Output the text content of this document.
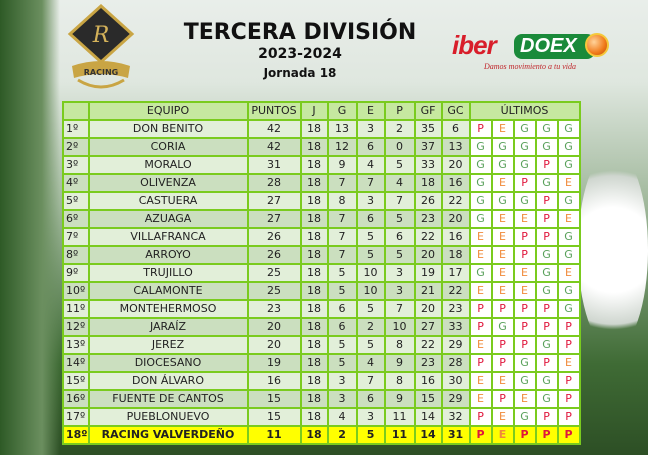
R
RACING
TERCERA DIVISIÓN
2023-2024
Jornada 18
iber	DOEX
Damos movimiento a tu vida
	EQUIPO	PUNTOS	J	G	E	P	GF	GC	ÚLTIMOS				
1º	DON BENITO	42	18	13	3	2	35	6	P	E	G	G	G
2º	CORIA	42	18	12	6	0	37	13	G	G	G	G	G
3º	MORALO	31	18	9	4	5	33	20	G	G	G	P	G
4º	OLIVENZA	28	18	7	7	4	18	16	G	E	P	G	E
5º	CASTUERA	27	18	8	3	7	26	22	G	G	G	P	G
6º	AZUAGA	27	18	7	6	5	23	20	G	E	E	P	E
7º	VILLAFRANCA	26	18	7	5	6	22	16	E	E	P	P	G
8º	ARROYO	26	18	7	5	5	20	18	E	E	P	G	G
9º	TRUJILLO	25	18	5	10	3	19	17	G	E	E	G	E
10º	CALAMONTE	25	18	5	10	3	21	22	E	E	E	G	G
11º	MONTEHERMOSO	23	18	6	5	7	20	23	P	P	P	P	G
12º	JARAÍZ	20	18	6	2	10	27	33	P	G	P	P	P
13º	JEREZ	20	18	5	5	8	22	29	E	P	P	G	P
14º	DIOCESANO	19	18	5	4	9	23	28	P	P	G	P	E
15º	DON ÁLVARO	16	18	3	7	8	16	30	E	E	G	G	P
16º	FUENTE DE CANTOS	15	18	3	6	9	15	29	E	P	E	G	P
17º	PUEBLONUEVO	15	18	4	3	11	14	32	P	E	G	P	P
18º	RACING VALVERDEÑO	11	18	2	5	11	14	31	P	E	P	P	P
